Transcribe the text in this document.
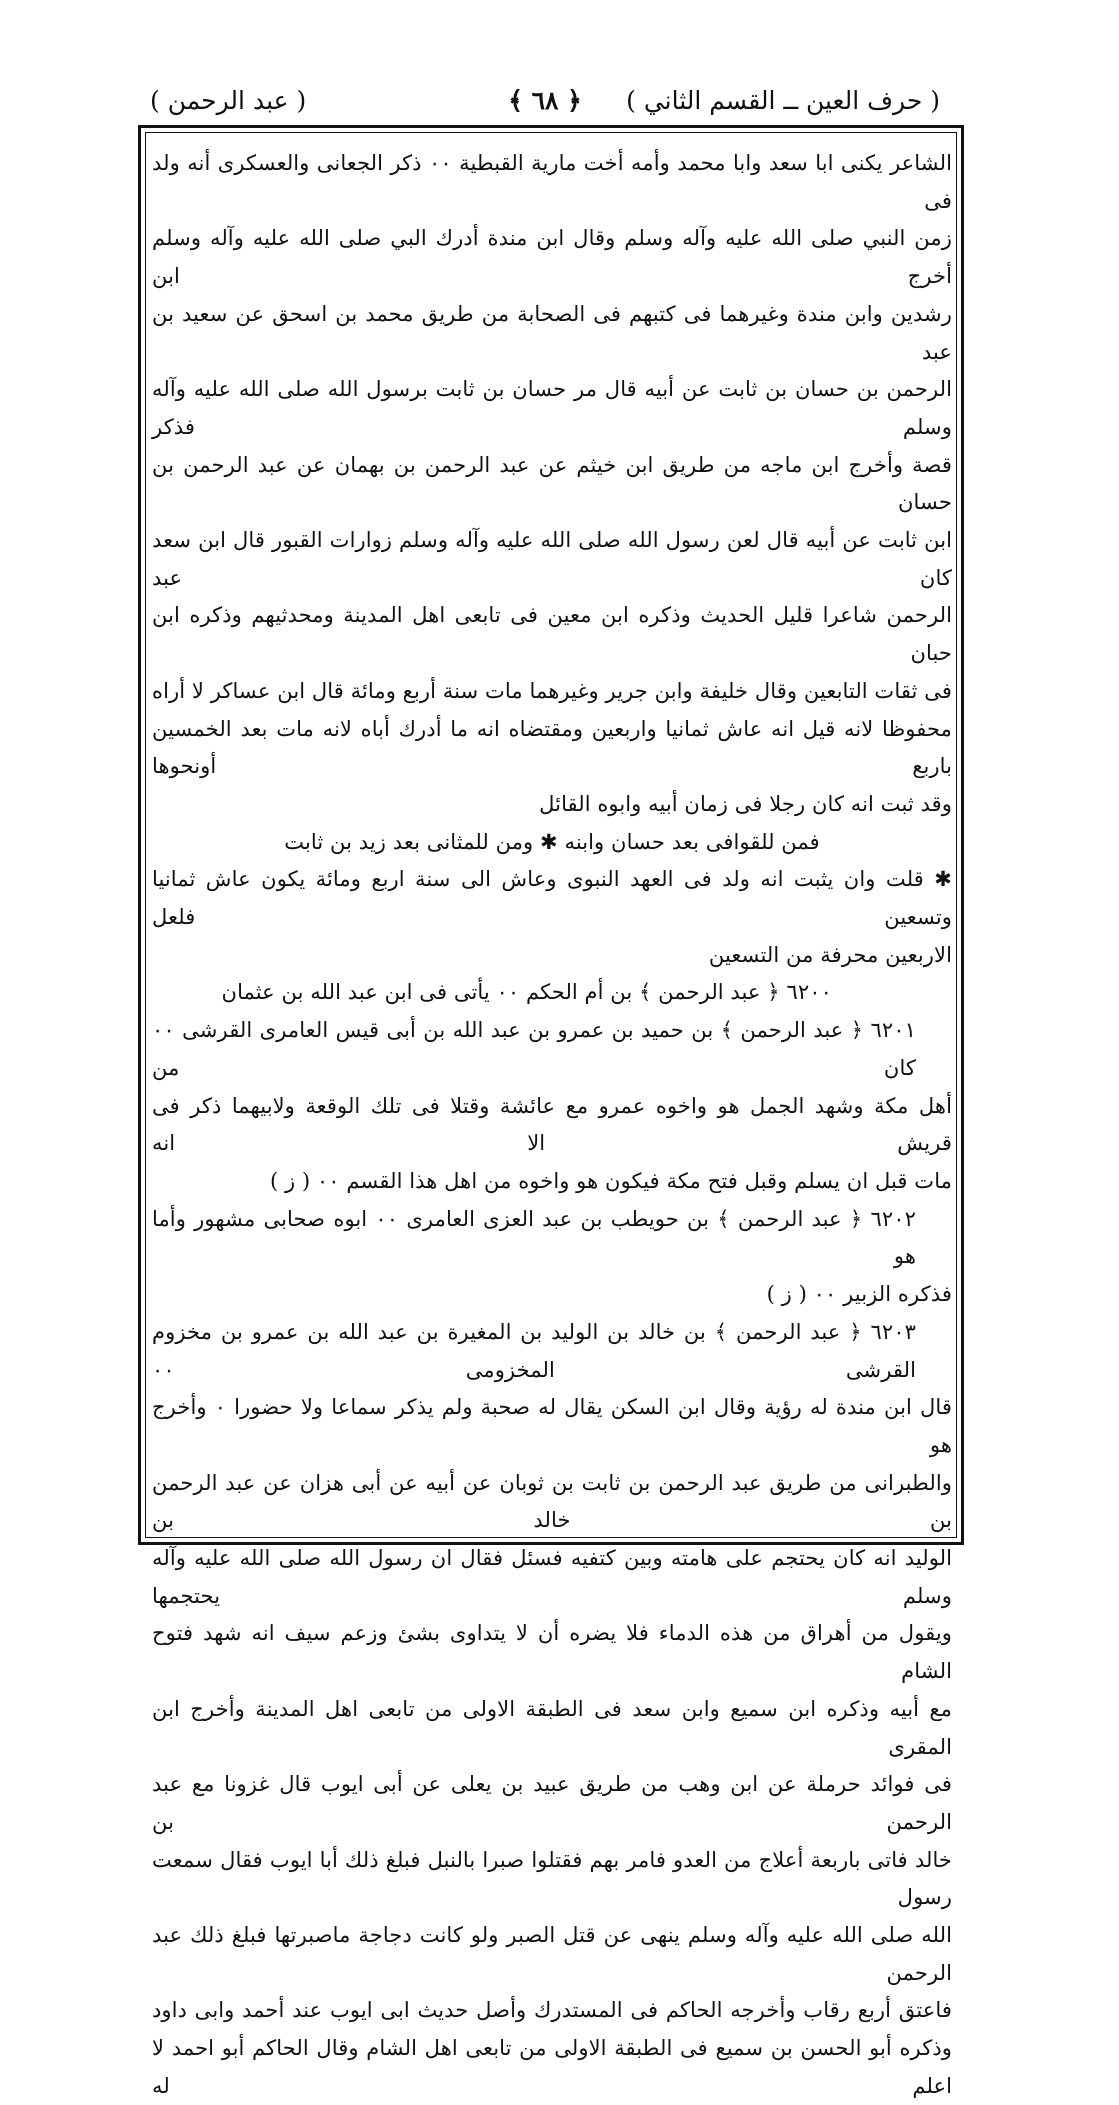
( حرف العين ــ القسم الثاني )
﴿ ٦٨ ﴾
( عبد الرحمن )

الشاعر يكنى ابا سعد وابا محمد وأمه أخت مارية القبطية ٠٠ ذكر الجعانى والعسكرى أنه ولد فى

زمن النبي صلى الله عليه وآله وسلم وقال ابن مندة أدرك البي صلى الله عليه وآله وسلم أخرج ابن

رشدين وابن مندة وغيرهما فى كتبهم فى الصحابة من طريق محمد بن اسحق عن سعيد بن عبد

الرحمن بن حسان بن ثابت عن أبيه قال مر حسان بن ثابت برسول الله صلى الله عليه وآله وسلم فذكر

قصة وأخرج ابن ماجه من طريق ابن خيثم عن عبد الرحمن بن بهمان عن عبد الرحمن بن حسان

ابن ثابت عن أبيه قال لعن رسول الله صلى الله عليه وآله وسلم زوارات القبور قال ابن سعد كان عبد

الرحمن شاعرا قليل الحديث وذكره ابن معين فى تابعى اهل المدينة ومحدثيهم وذكره ابن حبان

فى ثقات التابعين وقال خليفة وابن جرير وغيرهما مات سنة أربع ومائة قال ابن عساكر لا أراه

محفوظا لانه قيل انه عاش ثمانيا واربعين ومقتضاه انه ما أدرك أباه لانه مات بعد الخمسين باربع أونحوها

وقد ثبت انه كان رجلا فى زمان أبيه وابوه القائل

فمن للقوافى بعد حسان وابنه ✱ ومن للمثانى بعد زيد بن ثابت

✱ قلت وان يثبت انه ولد فى العهد النبوى وعاش الى سنة اربع ومائة يكون عاش ثمانيا وتسعين فلعل

الاربعين محرفة من التسعين

٦٢٠٠ ﴿ عبد الرحمن ﴾ بن أم الحكم ٠٠ يأتى فى ابن عبد الله بن عثمان

٦٢٠١ ﴿ عبد الرحمن ﴾ بن حميد بن عمرو بن عبد الله بن أبى قيس العامرى القرشى ٠٠ كان من

أهل مكة وشهد الجمل هو واخوه عمرو مع عائشة وقتلا فى تلك الوقعة ولابيهما ذكر فى قريش الا انه

مات قبل ان يسلم وقبل فتح مكة فيكون هو واخوه من اهل هذا القسم ٠٠ ( ز )

٦٢٠٢ ﴿ عبد الرحمن ﴾ بن حويطب بن عبد العزى العامرى ٠٠ ابوه صحابى مشهور وأما هو

فذكره الزبير ٠٠ ( ز )

٦٢٠٣ ﴿ عبد الرحمن ﴾ بن خالد بن الوليد بن المغيرة بن عبد الله بن عمرو بن مخزوم القرشى المخزومى ٠٠

قال ابن مندة له رؤية وقال ابن السكن يقال له صحبة ولم يذكر سماعا ولا حضورا ٠ وأخرج هو

والطبرانى من طريق عبد الرحمن بن ثابت بن ثوبان عن أبيه عن أبى هزان عن عبد الرحمن بن خالد بن

الوليد انه كان يحتجم على هامته وبين كتفيه فسئل فقال ان رسول الله صلى الله عليه وآله وسلم يحتجمها

ويقول من أهراق من هذه الدماء فلا يضره أن لا يتداوى بشئ وزعم سيف انه شهد فتوح الشام

مع أبيه وذكره ابن سميع وابن سعد فى الطبقة الاولى من تابعى اهل المدينة وأخرج ابن المقرى

فى فوائد حرملة عن ابن وهب من طريق عبيد بن يعلى عن أبى ايوب قال غزونا مع عبد الرحمن بن

خالد فاتى باربعة أعلاج من العدو فامر بهم فقتلوا صبرا بالنبل فبلغ ذلك أبا ايوب فقال سمعت رسول

الله صلى الله عليه وآله وسلم ينهى عن قتل الصبر ولو كانت دجاجة ماصبرتها فبلغ ذلك عبد الرحمن

فاعتق أربع رقاب وأخرجه الحاكم فى المستدرك وأصل حديث ابى ايوب عند أحمد وابى داود

وذكره أبو الحسن بن سميع فى الطبقة الاولى من تابعى اهل الشام وقال الحاكم أبو احمد لا اعلم له
